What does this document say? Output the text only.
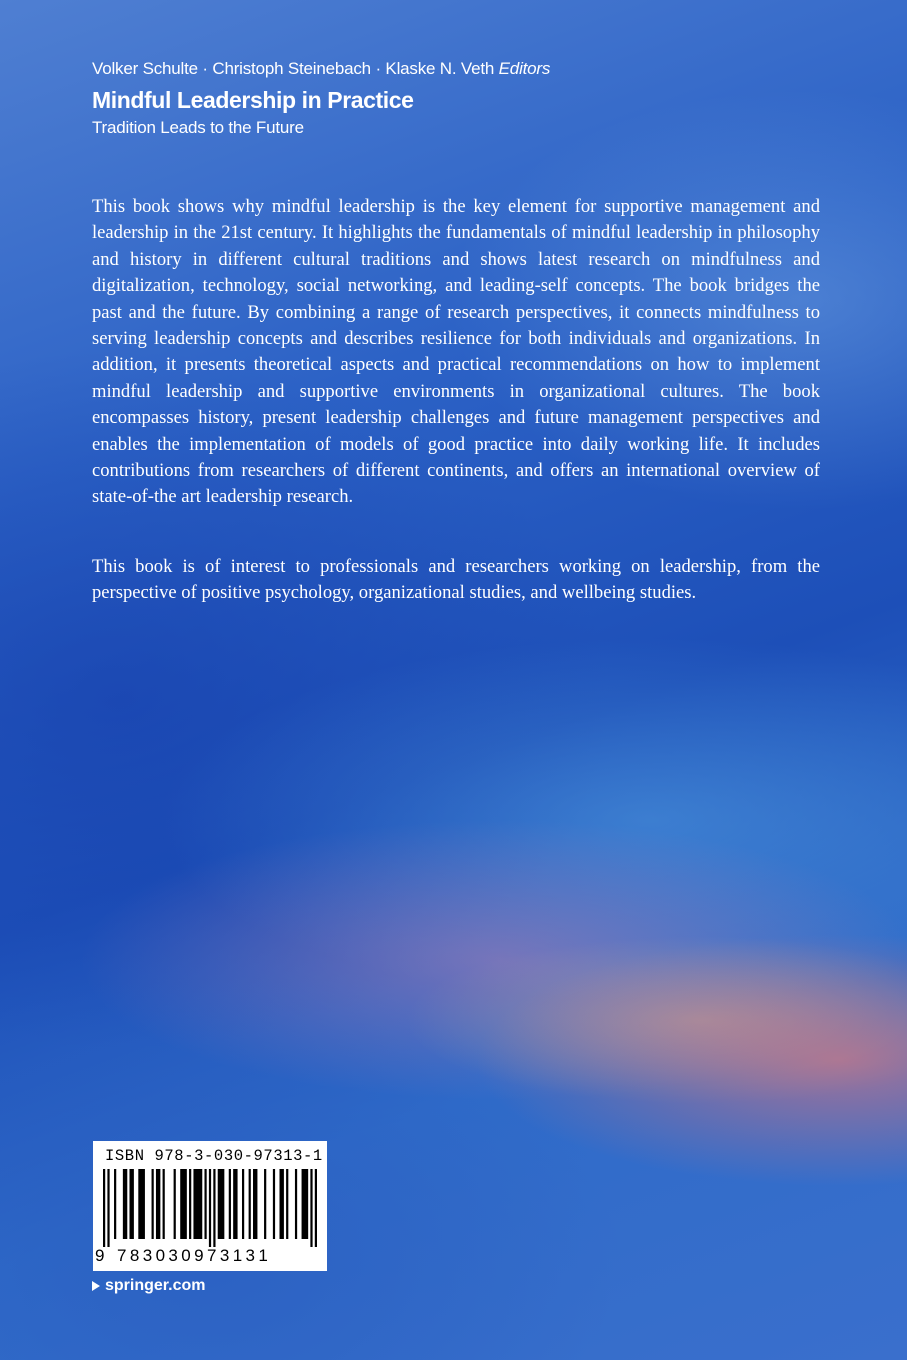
Volker Schulte · Christoph Steinebach · Klaske N. Veth Editors

Mindful Leadership in Practice

Tradition Leads to the Future

This book shows why mindful leadership is the key element for supportive management and leadership in the 21st century. It highlights the fundamentals of mindful leadership in philosophy and history in different cultural traditions and shows latest research on mindfulness and digitalization, technology, social networking, and leading-self concepts. The book bridges the past and the future. By combining a range of research perspectives, it connects mindfulness to serving leadership concepts and describes resilience for both individuals and organizations. In addition, it presents theoretical aspects and practical recommendations on how to implement mindful leadership and supportive environments in organizational cultures. The book encompasses history, present leadership challenges and future management perspectives and enables the implementation of models of good practice into daily working life. It includes contributions from researchers of different continents, and offers an international overview of state-of-the art leadership research.

This book is of interest to professionals and researchers working on leadership, from the perspective of positive psychology, organizational studies, and wellbeing studies.

ISBN 978-3-030-97313-1
9 783030973131
springer.com
